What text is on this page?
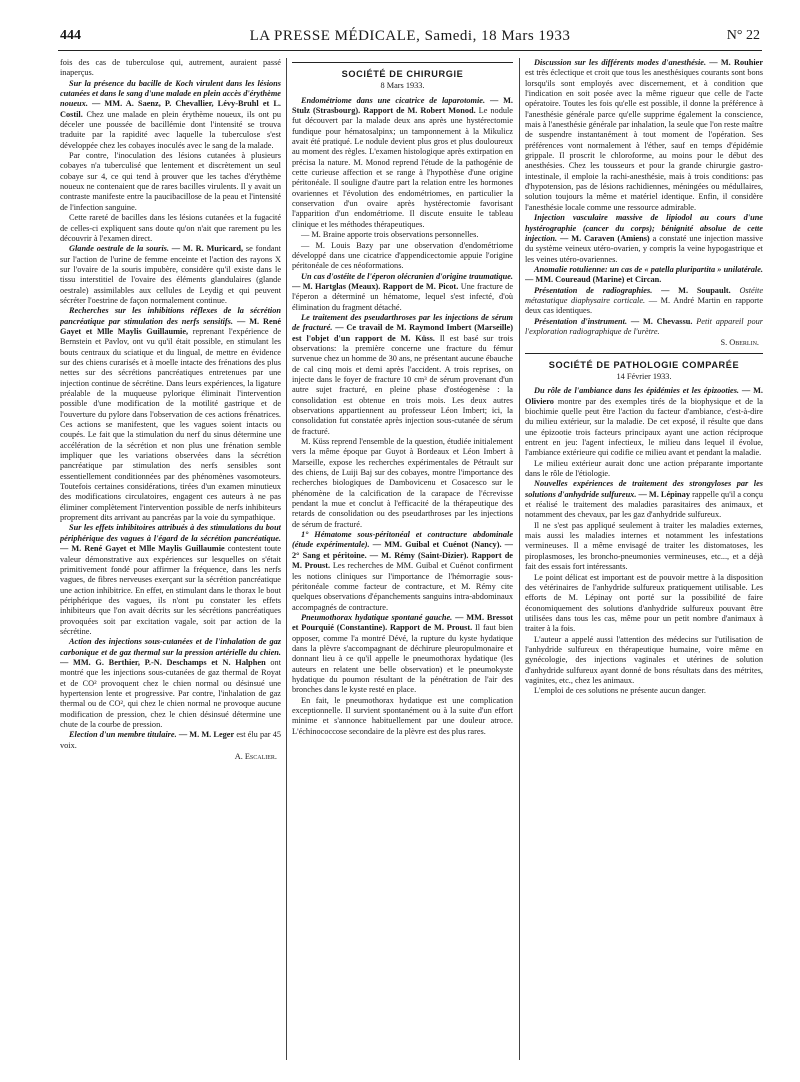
444	LA PRESSE MÉDICALE, Samedi, 18 Mars 1933	N° 22

fois des cas de tuberculose qui, autrement, auraient passé inaperçus.

Sur la présence du bacille de Koch virulent dans les lésions cutanées et dans le sang d'une malade en plein accès d'érythème noueux. — MM. A. Saenz, P. Chevallier, Lévy-Bruhl et L. Costil. Chez une malade en plein érythème noueux, ils ont pu déceler une poussée de bacillémie dont l'intensité se trouva traduite par la rapidité avec laquelle la tuberculose s'est développée chez les cobayes inoculés avec le sang de la malade.

Par contre, l'inoculation des lésions cutanées à plusieurs cobayes n'a tuberculisé que lentement et discrètement un seul cobaye sur 4, ce qui tend à prouver que les taches d'érythème noueux ne contenaient que de rares bacilles virulents. Il y avait un contraste manifeste entre la paucibacillose de la peau et l'intensité de l'infection sanguine.

Cette rareté de bacilles dans les lésions cutanées et la fugacité de celles-ci expliquent sans doute qu'on n'ait que rarement pu les découvrir à l'examen direct.

Glande oestrale de la souris. — M. R. Muricard, se fondant sur l'action de l'urine de femme enceinte et l'action des rayons X sur l'ovaire de la souris impubère, considère qu'il existe dans le tissu interstitiel de l'ovaire des éléments glandulaires (glande oestrale) assimilables aux cellules de Leydig et qui peuvent sécréter l'oestrine de façon normalement continue.

Recherches sur les inhibitions réflexes de la sécrétion pancréatique par stimulation des nerfs sensitifs. — M. René Gayet et Mlle Maylis Guillaumie, reprenant l'expérience de Bernstein et Pavlov, ont vu qu'il était possible, en stimulant les bouts centraux du sciatique et du lingual, de mettre en évidence sur des chiens curarisés et à moelle intacte des frénations des plus nettes sur des sécrétions pancréatiques entretenues par une injection continue de sécrétine. Dans leurs expériences, la ligature préalable de la muqueuse pylorique éliminait l'intervention possible d'une modification de la motilité gastrique et de l'ouverture du pylore dans l'observation de ces actions frénatrices. Ces actions se manifestent, que les vagues soient intacts ou coupés. Le fait que la stimulation du nerf du sinus détermine une accélération de la sécrétion et non plus une frénation semble impliquer que les variations observées dans la sécrétion pancréatique par stimulation des nerfs sensibles sont essentiellement conditionnées par des phénomènes vasomoteurs. Toutefois certaines considérations, tirées d'un examen minutieux des modifications circulatoires, engagent ces auteurs à ne pas éliminer complètement l'intervention possible de nerfs inhibiteurs proprement dits arrivant au pancréas par la voie du sympathique.

Sur les effets inhibitoires attribués à des stimulations du bout périphérique des vagues à l'égard de la sécrétion pancréatique. — M. René Gayet et Mlle Maylis Guillaumie contestent toute valeur démonstrative aux expériences sur lesquelles on s'était primitivement fondé pour affirmer la fréquence, dans les nerfs vagues, de fibres nerveuses exerçant sur la sécrétion pancréatique une action inhibitrice. En effet, en stimulant dans le thorax le bout périphérique des vagues, ils n'ont pu constater les effets inhibiteurs que l'on avait décrits sur les sécrétions pancréatiques provoquées soit par excitation vagale, soit par action de la sécrétine.

Action des injections sous-cutanées et de l'inhalation de gaz carbonique et de gaz thermal sur la pression artérielle du chien. — MM. G. Berthier, P.-N. Deschamps et N. Halphen ont montré que les injections sous-cutanées de gaz thermal de Royat et de CO² provoquent chez le chien normal ou désinsué une hypertension lente et progressive. Par contre, l'inhalation de gaz thermal ou de CO², qui chez le chien normal ne provoque aucune modification de pression, chez le chien désinsué détermine une chute de la courbe de pression.

Election d'un membre titulaire. — M. M. Leger est élu par 45 voix.

A. Escalier.
SOCIÉTÉ DE CHIRURGIE
8 Mars 1933.

Endométriome dans une cicatrice de laparotomie. — M. Stulz (Strasbourg). Rapport de M. Robert Monod. Le nodule fut découvert par la malade deux ans après une hystérectomie fundique pour hématosalpinx; un tamponnement à la Mikulicz avait été pratiqué. Le nodule devient plus gros et plus douloureux au moment des règles. L'examen histologique après extirpation en précisa la nature. M. Monod reprend l'étude de la pathogénie de cette curieuse affection et se range à l'hypothèse d'une origine péritonéale. Il souligne d'autre part la relation entre les hormones ovariennes et l'évolution des endométriomes, en particulier la conservation d'un ovaire après hystérectomie favorisant l'apparition d'un endométriome. Il discute ensuite le tableau clinique et les méthodes thérapeutiques.

— M. Braine apporte trois observations personnelles.

— M. Louis Bazy par une observation d'endométriome développé dans une cicatrice d'appendicectomie appuie l'origine péritonéale de ces néoformations.

Un cas d'ostéite de l'éperon olécranien d'origine traumatique. — M. Hartglas (Meaux). Rapport de M. Picot. Une fracture de l'éperon a déterminé un hématome, lequel s'est infecté, d'où élimination du fragment détaché.

Le traitement des pseudarthroses par les injections de sérum de fracturé. — Ce travail de M. Raymond Imbert (Marseille) est l'objet d'un rapport de M. Küss. Il est basé sur trois observations: la première concerne une fracture du fémur survenue chez un homme de 30 ans, ne présentant aucune ébauche de cal cinq mois et demi après l'accident. A trois reprises, on injecte dans le foyer de fracture 10 cm³ de sérum provenant d'un autre sujet fracturé, en pleine phase d'ostéogenèse : la consolidation est obtenue en trois mois. Les deux autres observations appartiennent au professeur Léon Imbert; ici, la consolidation fut constatée après injection sous-cutanée de sérum de fracturé.

M. Küss reprend l'ensemble de la question, étudiée initialement vers la même époque par Guyot à Bordeaux et Léon Imbert à Marseille, expose les recherches expérimentales de Pétrault sur des chiens, de Luiji Baj sur des cobayes, montre l'importance des recherches biologiques de Dambovicenu et Cosacesco sur le phénomène de la calcification de la carapace de l'écrevisse pendant la mue et conclut à l'efficacité de la thérapeutique des retards de consolidation ou des pseudarthroses par les injections de sérum de fracturé.

1° Hématome sous-péritonéal et contracture abdominale (étude expérimentale). — MM. Guibal et Cuénot (Nancy). — 2° Sang et péritoine. — M. Rémy (Saint-Dizier). Rapport de M. Proust. Les recherches de MM. Guibal et Cuénot confirment les notions cliniques sur l'importance de l'hémorragie sous-péritonéale comme facteur de contracture, et M. Rémy cite quelques observations d'épanchements sanguins intra-abdominaux accompagnés de contracture.

Pneumothorax hydatique spontané gauche. — MM. Bressot et Pourquié (Constantine). Rapport de M. Proust. Il faut bien opposer, comme l'a montré Dévé, la rupture du kyste hydatique dans la plèvre s'accompagnant de déchirure pleuropulmonaire et donnant lieu à ce qu'il appelle le pneumothorax hydatique (les auteurs en relatent une belle observation) et le pneumokyste hydatique du poumon résultant de la pénétration de l'air des bronches dans le kyste resté en place.

En fait, le pneumothorax hydatique est une complication exceptionnelle. Il survient spontanément ou à la suite d'un effort minime et s'annonce habituellement par une douleur atroce. L'échinococcose secondaire de la plèvre est des plus rares.

Discussion sur les différents modes d'anesthésie. — M. Rouhier est très éclectique et croit que tous les anesthésiques courants sont bons lorsqu'ils sont employés avec discernement, et à condition que l'indication en soit posée avec la même rigueur que celle de l'acte opératoire. Toutes les fois qu'elle est possible, il donne la préférence à l'anesthésie générale parce qu'elle supprime également la conscience, mais à l'anesthésie générale par inhalation, la seule que l'on reste maître de suspendre instantanément à tout moment de l'opération. Ses préférences vont normalement à l'éther, sauf en temps d'épidémie grippale. Il proscrit le chloroforme, au moins pour le début des anesthésies. Chez les tousseurs et pour la grande chirurgie gastro-intestinale, il emploie la rachi-anesthésie, mais à trois conditions: pas d'hypotension, pas de lésions rachidiennes, méningées ou médullaires, solution toujours la même et matériel identique. Enfin, il considère l'anesthésie locale comme une ressource admirable.

Injection vasculaire massive de lipiodol au cours d'une hystérographie (cancer du corps); bénignité absolue de cette injection. — M. Caraven (Amiens) a constaté une injection massive du système veineux utéro-ovarien, y compris la veine hypogastrique et les veines utéro-ovariennes.

Anomalie rotulienne: un cas de « patella pluripartita » unilatérale. — MM. Coureaud (Marine) et Circan.

Présentation de radiographies. — M. Soupault. Ostéite métastatique diaphysaire corticale. — M. André Martin en rapporte deux cas identiques.

Présentation d'instrument. — M. Chevassu. Petit appareil pour l'exploration radiographique de l'urètre.

S. Oberlin.
SOCIÉTÉ DE PATHOLOGIE COMPARÉE
14 Février 1933.

Du rôle de l'ambiance dans les épidémies et les épizooties. — M. Oliviero montre par des exemples tirés de la biophysique et de la biochimie quelle peut être l'action du facteur d'ambiance, c'est-à-dire du milieu extérieur, sur la maladie. De cet exposé, il résulte que dans une épizootie trois facteurs principaux ayant une action réciproque entrent en jeu: l'agent infectieux, le milieu dans lequel il évolue, l'ambiance extérieure qui codifie ce milieu avant et pendant la maladie.

Le milieu extérieur aurait donc une action préparante importante dans le rôle de l'étiologie.

Nouvelles expériences de traitement des strongyloses par les solutions d'anhydride sulfureux. — M. Lépinay rappelle qu'il a conçu et réalisé le traitement des maladies parasitaires des animaux, et notamment des chevaux, par les gaz d'anhydride sulfureux.

Il ne s'est pas appliqué seulement à traiter les maladies externes, mais aussi les maladies internes et notamment les infestations vermineuses. Il a même envisagé de traiter les distomatoses, les piroplasmoses, les broncho-pneumonies vermineuses, etc..., et a déjà fait des essais fort intéressants.

Le point délicat est important est de pouvoir mettre à la disposition des vétérinaires de l'anhydride sulfureux pratiquement utilisable. Les efforts de M. Lépinay ont porté sur la possibilité de faire économiquement des solutions d'anhydride sulfureux pouvant être utilisées dans tous les cas, même pour un petit nombre d'animaux à traiter à la fois.

L'auteur a appelé aussi l'attention des médecins sur l'utilisation de l'anhydride sulfureux en thérapeutique humaine, voire même en gynécologie, des injections vaginales et utérines de solution d'anhydride sulfureux ayant donné de bons résultats dans des métrites, vaginites, etc., chez les animaux.

L'emploi de ces solutions ne présente aucun danger.
